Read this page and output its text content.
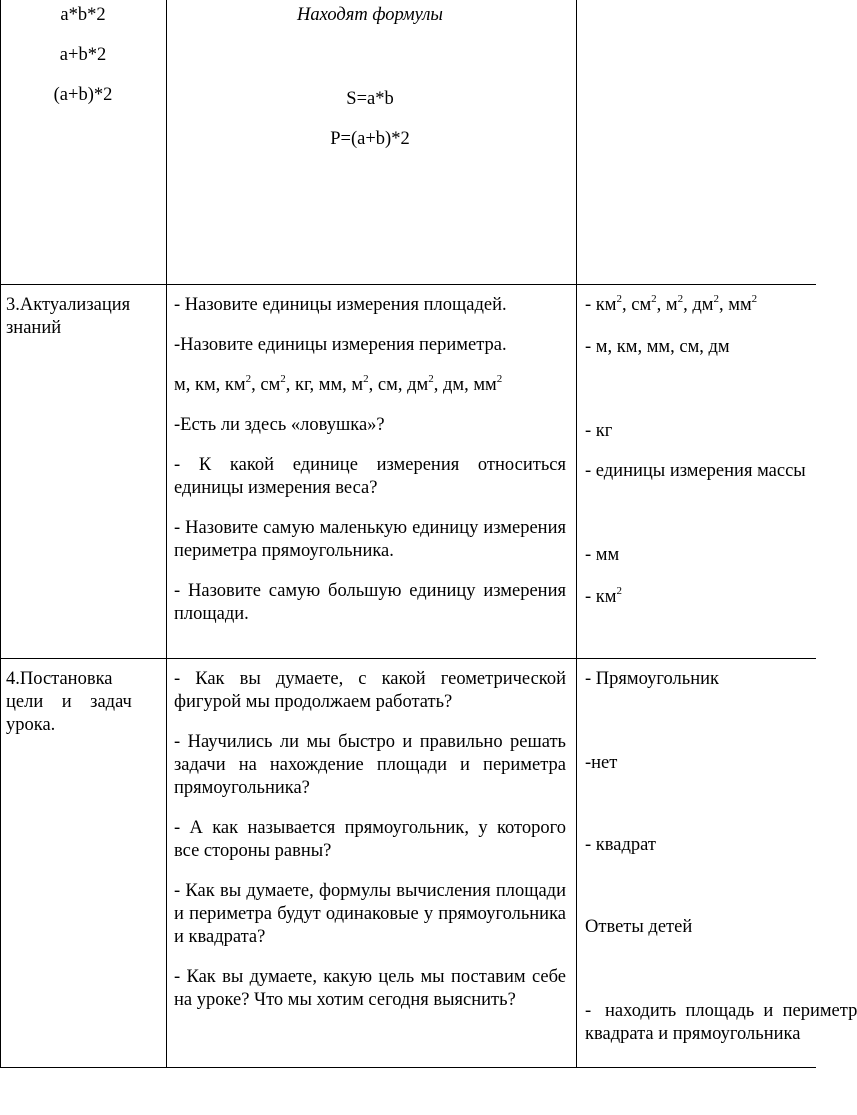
a*b*2

a+b*2

(a+b)*2

Находят формулы

S=a*b

P=(a+b)*2

3.Актуализация

знаний

- Назовите единицы измерения площадей.

-Назовите единицы измерения периметра.

м, км, $км^2$, $см^2$, кг, мм, $м^2$, см, $дм^2$, дм, $мм^2$

-Есть ли здесь «ловушка»?

- К какой единице измерения относиться единицы измерения веса?

- Назовите самую маленькую единицу измерения периметра прямоугольника.

- Назовите самую большую единицу измерения площади.

- $км^2$, $см^2$, $м^2$, $дм^2$, $мм^2$

- м, км, мм, см, дм

- кг

- единицы измерения массы

- мм

- $км^2$

4.Постановка

цели    и    задач

урока.

- Как вы думаете, с какой геометрической фигурой мы продолжаем работать?

- Научились ли мы быстро и правильно решать задачи на нахождение площади и периметра прямоугольника?

- А как называется прямоугольник, у которого все стороны равны?

- Как вы думаете, формулы вычисления площади и периметра будут одинаковые у прямоугольника и квадрата?

- Как вы думаете, какую цель мы поставим себе на уроке? Что мы хотим сегодня выяснить?

- Прямоугольник

-нет

- квадрат

Ответы детей

-   находить  площадь  и  периметр

квадрата и прямоугольника
